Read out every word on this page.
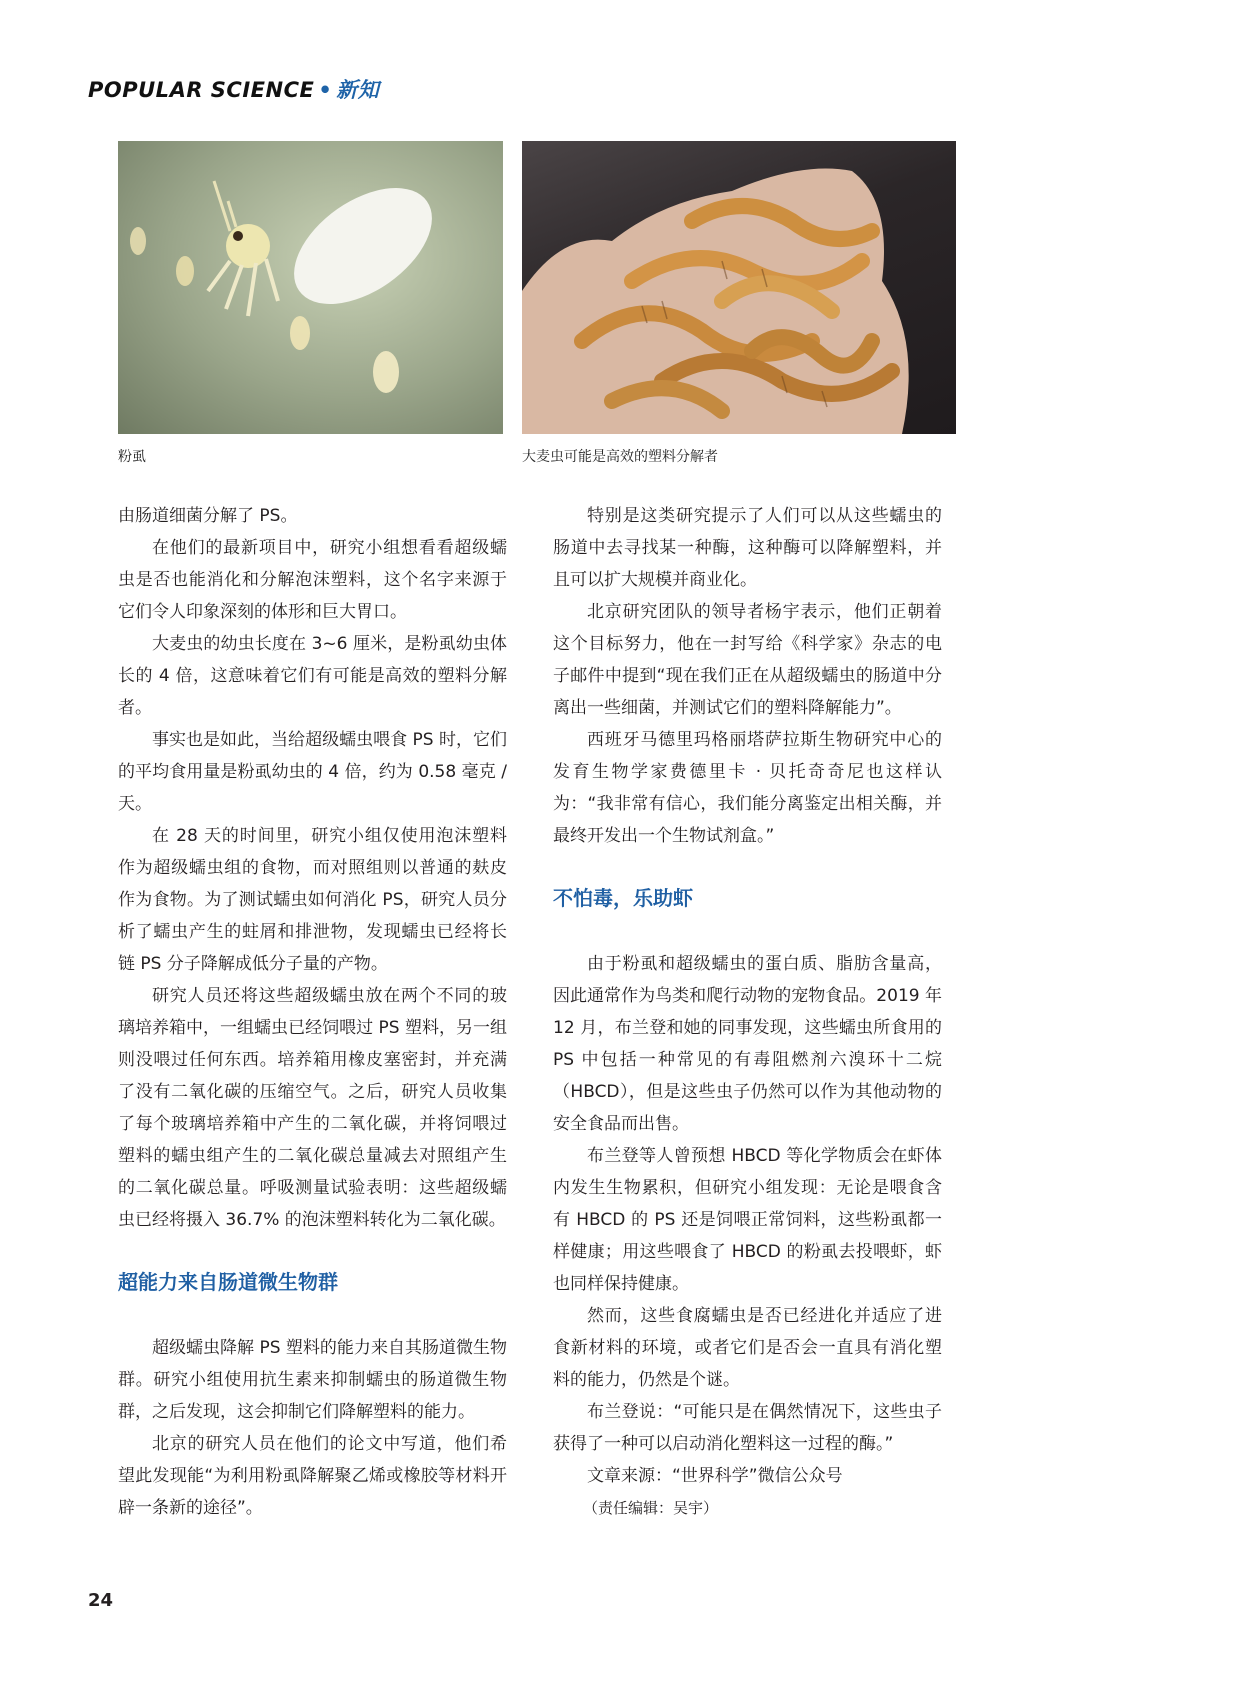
POPULAR SCIENCE • 新知
粉虱	大麦虫可能是高效的塑料分解者

由肠道细菌分解了 PS。

在他们的最新项目中，研究小组想看看超级蠕虫是否也能消化和分解泡沫塑料，这个名字来源于它们令人印象深刻的体形和巨大胃口。

大麦虫的幼虫长度在 3~6 厘米，是粉虱幼虫体长的 4 倍，这意味着它们有可能是高效的塑料分解者。

事实也是如此，当给超级蠕虫喂食 PS 时，它们的平均食用量是粉虱幼虫的 4 倍，约为 0.58 毫克 / 天。

在 28 天的时间里，研究小组仅使用泡沫塑料作为超级蠕虫组的食物，而对照组则以普通的麸皮作为食物。为了测试蠕虫如何消化 PS，研究人员分析了蠕虫产生的蛀屑和排泄物，发现蠕虫已经将长链 PS 分子降解成低分子量的产物。

研究人员还将这些超级蠕虫放在两个不同的玻璃培养箱中，一组蠕虫已经饲喂过 PS 塑料，另一组则没喂过任何东西。培养箱用橡皮塞密封，并充满了没有二氧化碳的压缩空气。之后，研究人员收集了每个玻璃培养箱中产生的二氧化碳，并将饲喂过塑料的蠕虫组产生的二氧化碳总量减去对照组产生的二氧化碳总量。呼吸测量试验表明：这些超级蠕虫已经将摄入 36.7% 的泡沫塑料转化为二氧化碳。

超能力来自肠道微生物群

超级蠕虫降解 PS 塑料的能力来自其肠道微生物群。研究小组使用抗生素来抑制蠕虫的肠道微生物群，之后发现，这会抑制它们降解塑料的能力。

北京的研究人员在他们的论文中写道，他们希望此发现能“为利用粉虱降解聚乙烯或橡胶等材料开辟一条新的途径”。

特别是这类研究提示了人们可以从这些蠕虫的肠道中去寻找某一种酶，这种酶可以降解塑料，并且可以扩大规模并商业化。

北京研究团队的领导者杨宇表示，他们正朝着这个目标努力，他在一封写给《科学家》杂志的电子邮件中提到“现在我们正在从超级蠕虫的肠道中分离出一些细菌，并测试它们的塑料降解能力”。

西班牙马德里玛格丽塔萨拉斯生物研究中心的发育生物学家费德里卡 · 贝托奇奇尼也这样认为：“我非常有信心，我们能分离鉴定出相关酶，并最终开发出一个生物试剂盒。”

不怕毒，乐助虾

由于粉虱和超级蠕虫的蛋白质、脂肪含量高，因此通常作为鸟类和爬行动物的宠物食品。2019 年 12 月，布兰登和她的同事发现，这些蠕虫所食用的 PS 中包括一种常见的有毒阻燃剂六溴环十二烷（HBCD），但是这些虫子仍然可以作为其他动物的安全食品而出售。

布兰登等人曾预想 HBCD 等化学物质会在虾体内发生生物累积，但研究小组发现：无论是喂食含有 HBCD 的 PS 还是饲喂正常饲料，这些粉虱都一样健康；用这些喂食了 HBCD 的粉虱去投喂虾，虾也同样保持健康。

然而，这些食腐蠕虫是否已经进化并适应了进食新材料的环境，或者它们是否会一直具有消化塑料的能力，仍然是个谜。

布兰登说：“可能只是在偶然情况下，这些虫子获得了一种可以启动消化塑料这一过程的酶。”

文章来源：“世界科学”微信公众号

（责任编辑：吴宇）

24
